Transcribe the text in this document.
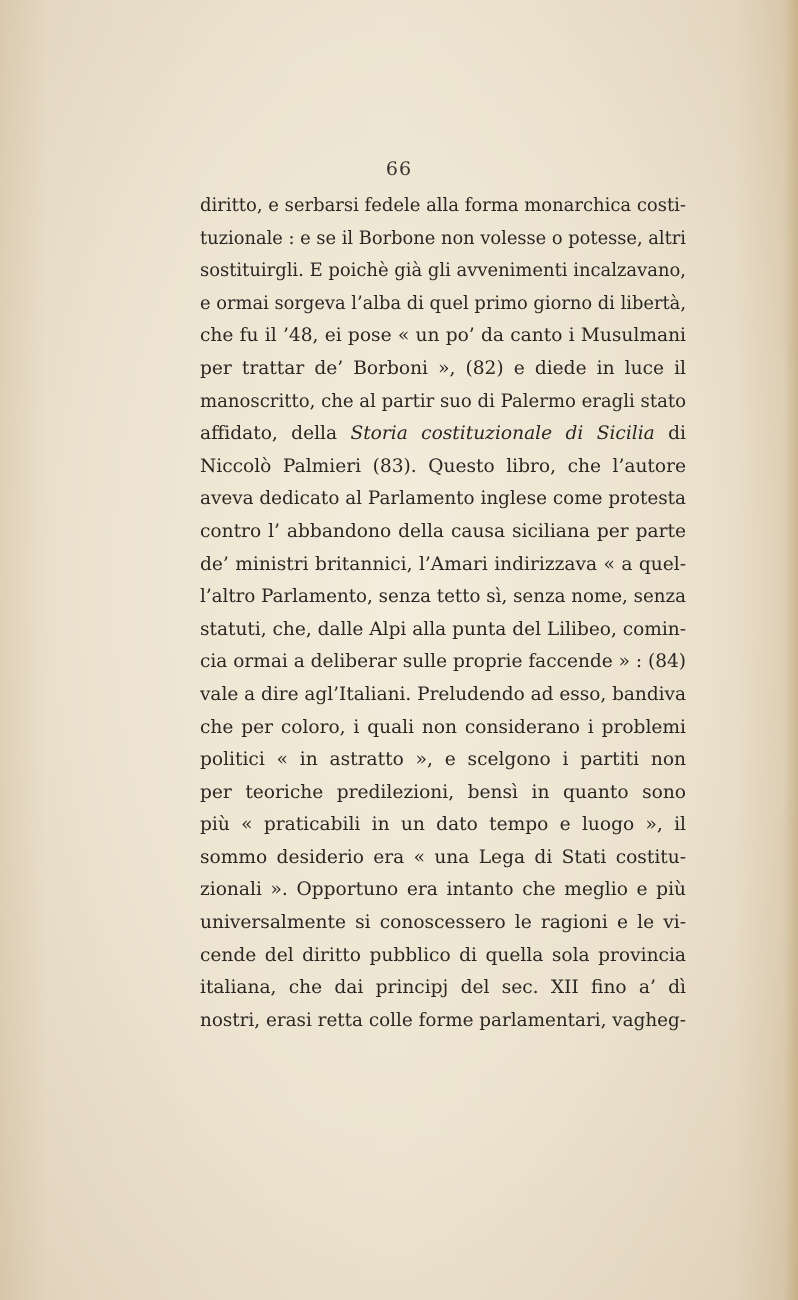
66
diritto, e serbarsi fedele alla forma monarchica costi-
tuzionale : e se il Borbone non volesse o potesse, altri
sostituirgli. E poichè già gli avvenimenti incalzavano,
e ormai sorgeva l’alba di quel primo giorno di libertà,
che fu il ’48, ei pose « un po’ da canto i Musulmani
per trattar de’ Borboni », (82) e diede in luce il
manoscritto, che al partir suo di Palermo eragli stato
affidato, della Storia costituzionale di Sicilia di
Niccolò Palmieri (83). Questo libro, che l’autore
aveva dedicato al Parlamento inglese come protesta
contro l’ abbandono della causa siciliana per parte
de’ ministri britannici, l’Amari indirizzava « a quel-
l’altro Parlamento, senza tetto sì, senza nome, senza
statuti, che, dalle Alpi alla punta del Lilibeo, comin-
cia ormai a deliberar sulle proprie faccende » : (84)
vale a dire agl’Italiani. Preludendo ad esso, bandiva
che per coloro, i quali non considerano i problemi
politici « in astratto », e scelgono i partiti non
per teoriche predilezioni, bensì in quanto sono
più « praticabili in un dato tempo e luogo », il
sommo desiderio era « una Lega di Stati costitu-
zionali ». Opportuno era intanto che meglio e più
universalmente si conoscessero le ragioni e le vi-
cende del diritto pubblico di quella sola provincia
italiana, che dai principj del sec. XII fino a’ dì
nostri, erasi retta colle forme parlamentari, vagheg-
